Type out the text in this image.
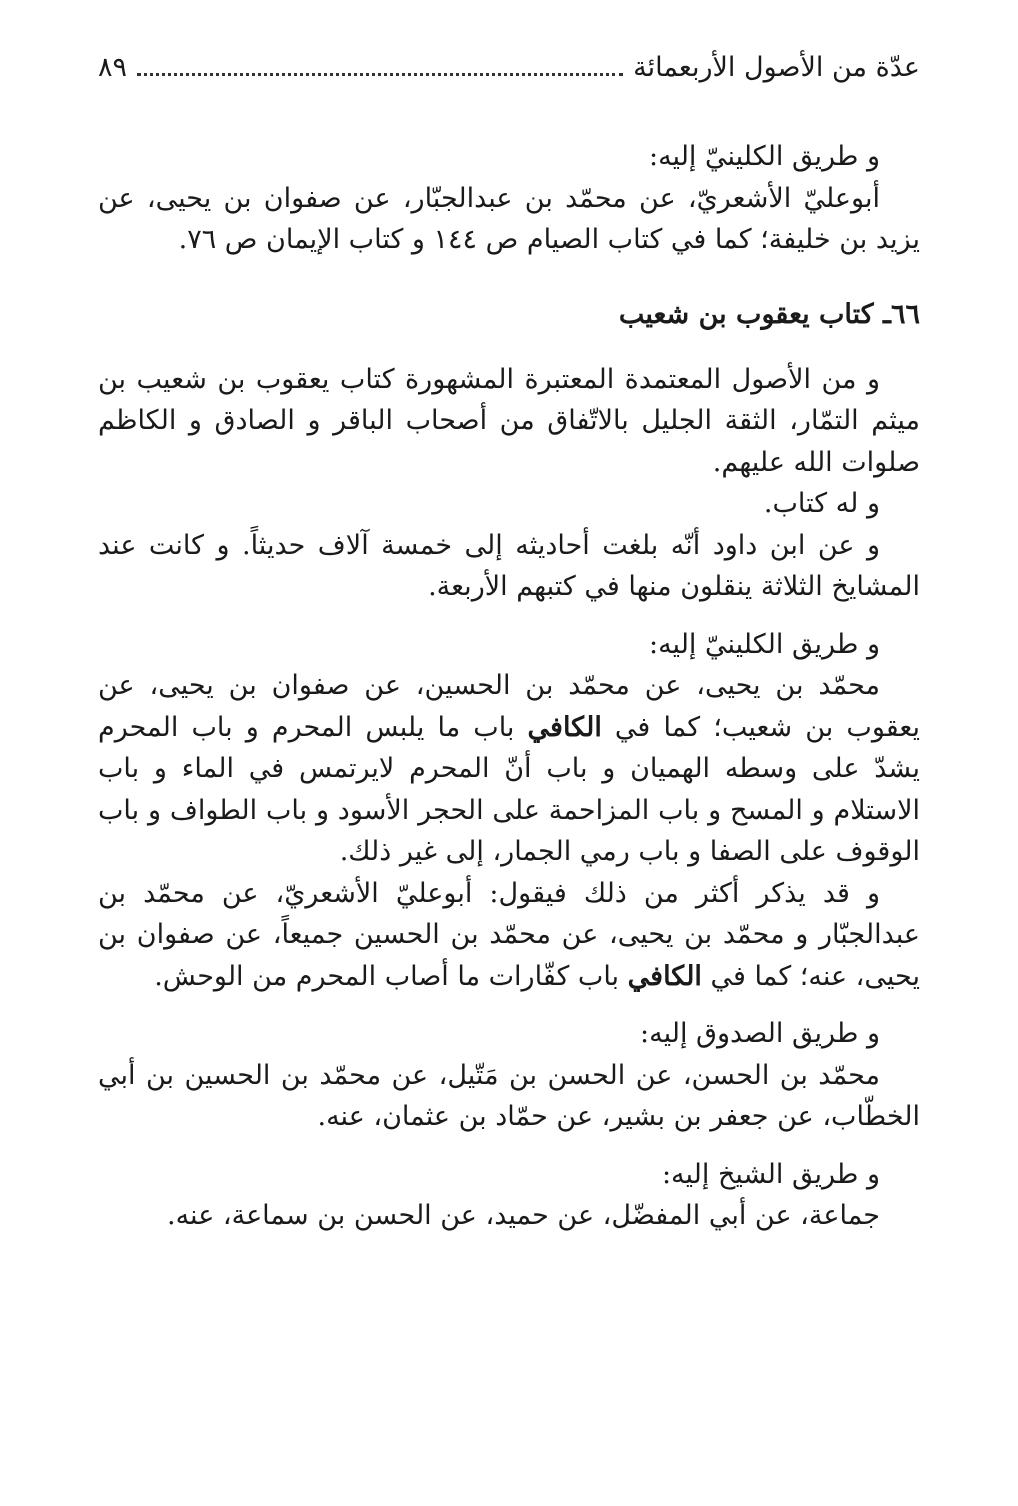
عدّة من الأصول الأربعمائة
٨٩

و طريق الكلينيّ إليه:

أبوعليّ الأشعريّ، عن محمّد بن عبدالجبّار، عن صفوان بن يحيى، عن يزيد بن خليفة؛ كما في كتاب الصيام ص ١٤٤ و كتاب الإيمان ص ٧٦.

٦٦ـ كتاب يعقوب بن شعيب

و من الأصول المعتمدة المعتبرة المشهورة كتاب يعقوب بن شعيب بن ميثم التمّار، الثقة الجليل بالاتّفاق من أصحاب الباقر و الصادق و الكاظم صلوات الله عليهم.

و له كتاب.

و عن ابن داود أنّه بلغت أحاديثه إلى خمسة آلاف حديثاً. و كانت عند المشايخ الثلاثة ينقلون منها في كتبهم الأربعة.

و طريق الكلينيّ إليه:

محمّد بن يحيى، عن محمّد بن الحسين، عن صفوان بن يحيى، عن يعقوب بن شعيب؛ كما في الكافي باب ما يلبس المحرم و باب المحرم يشدّ على وسطه الهميان و باب أنّ المحرم لايرتمس في الماء و باب الاستلام و المسح و باب المزاحمة على الحجر الأسود و باب الطواف و باب الوقوف على الصفا و باب رمي الجمار، إلى غير ذلك.

و قد يذكر أكثر من ذلك فيقول: أبوعليّ الأشعريّ، عن محمّد بن عبدالجبّار و محمّد بن يحيى، عن محمّد بن الحسين جميعاً، عن صفوان بن يحيى، عنه؛ كما في الكافي باب كفّارات ما أصاب المحرم من الوحش.

و طريق الصدوق إليه:

محمّد بن الحسن، عن الحسن بن مَتّيل، عن محمّد بن الحسين بن أبي الخطّاب، عن جعفر بن بشير، عن حمّاد بن عثمان، عنه.

و طريق الشيخ إليه:

جماعة، عن أبي المفضّل، عن حميد، عن الحسن بن سماعة، عنه.
